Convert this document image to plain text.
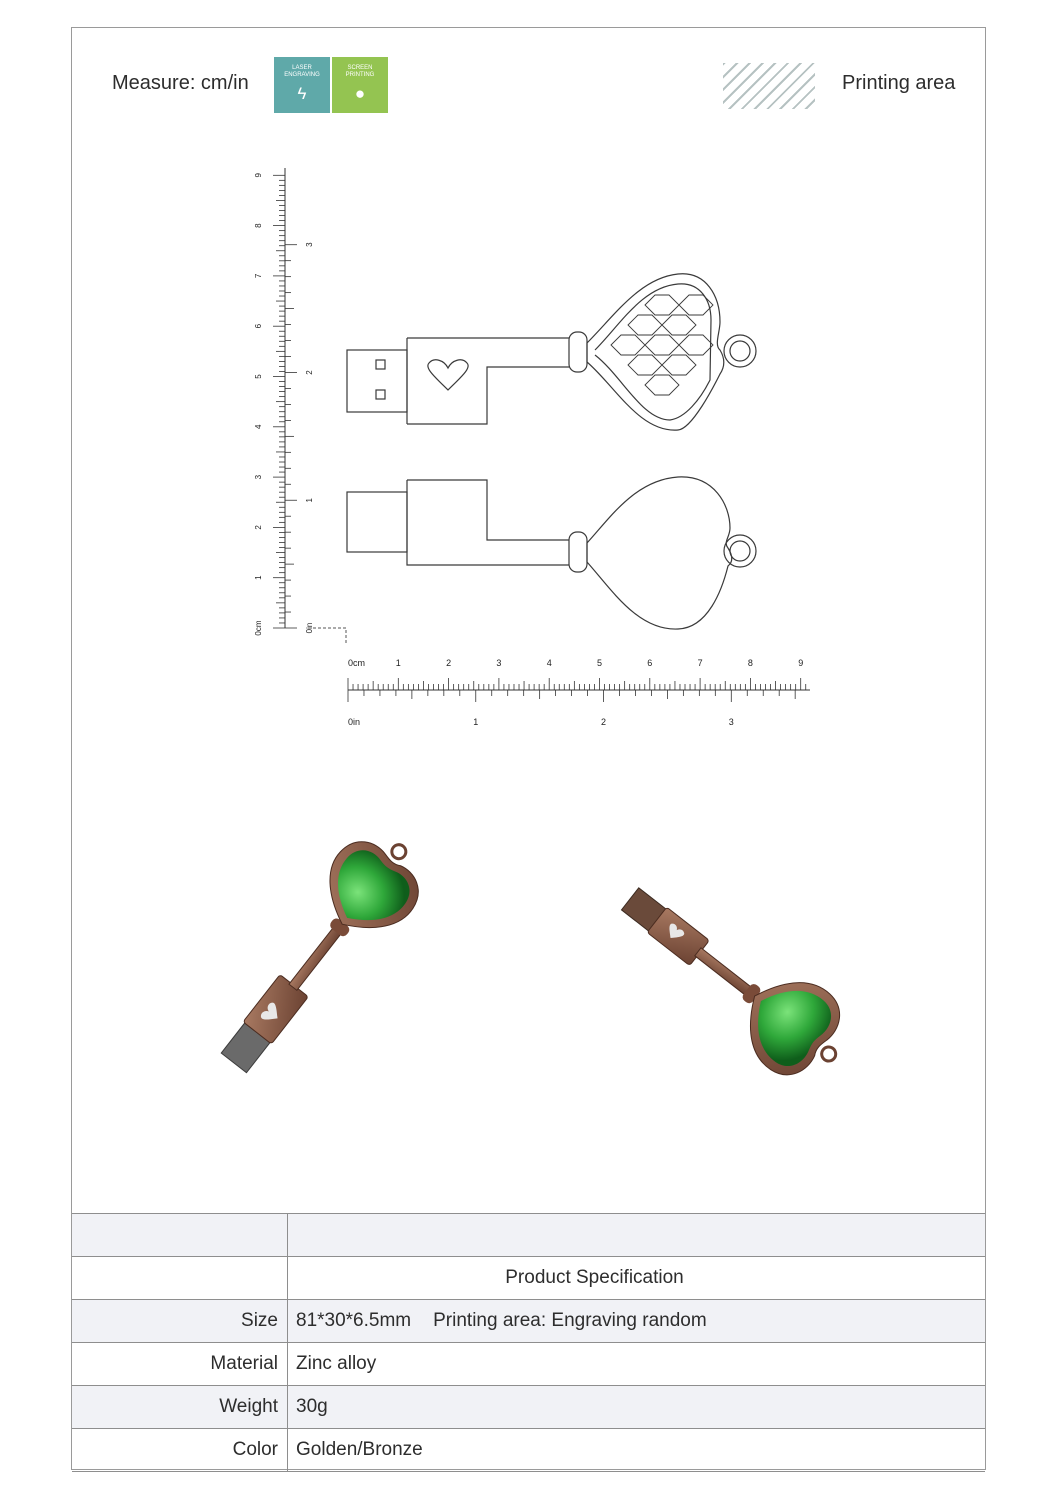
Measure: cm/in
LASER
ENGRAVING
ϟ
SCREEN
PRINTING
●	Printing area
0cm
1
2
3
4
5
6
7
8
9
0in
1
2
3
0cm	1	2	3	4	5	6	7	8	9
0in	1	2	3

	Product Specification
Size	81*30*6.5mm Printing area: Engraving random
Material	Zinc alloy
Weight	30g
Color	Golden/Bronze
